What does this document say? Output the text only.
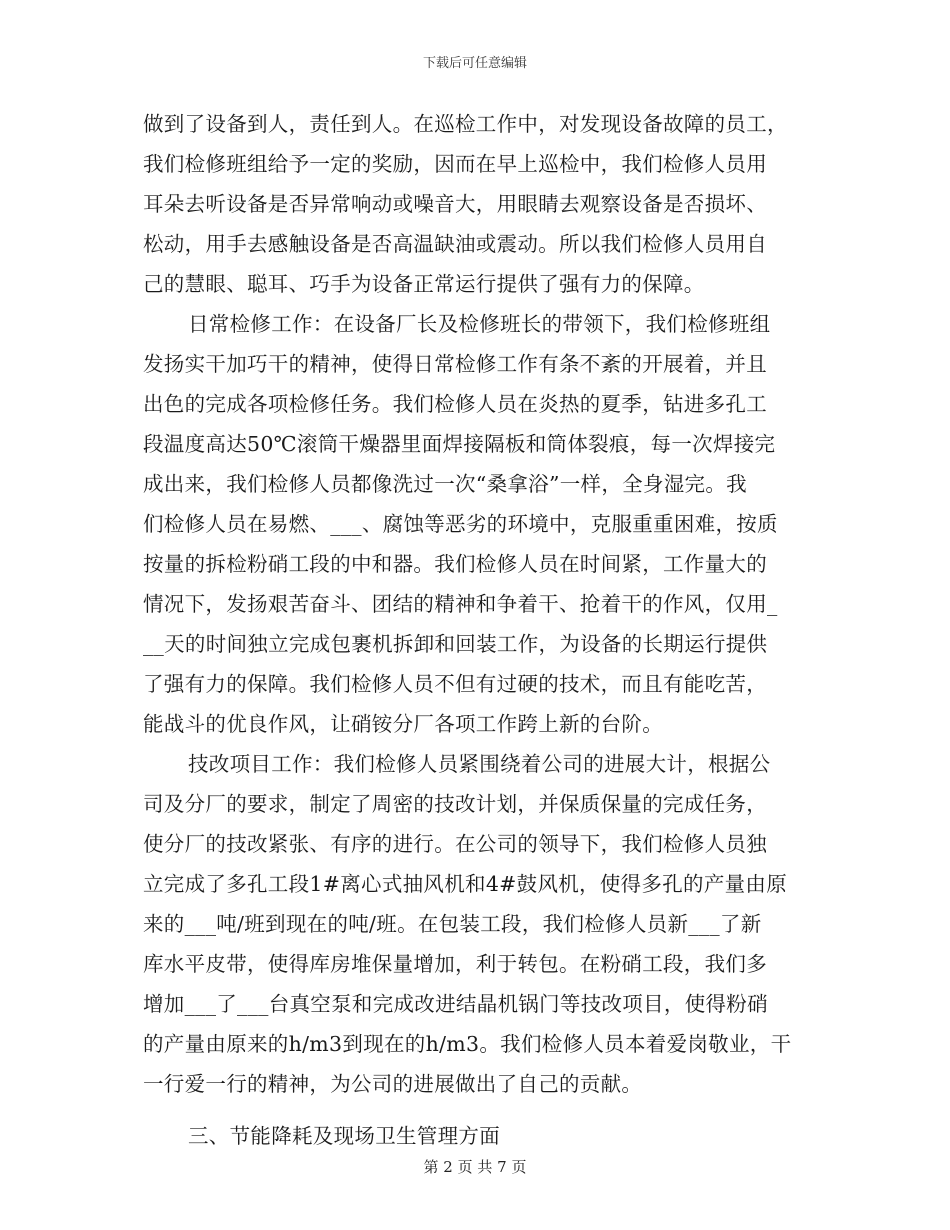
下载后可任意编辑
做到了设备到人，责任到人。在巡检工作中，对发现设备故障的员工，
我们检修班组给予一定的奖励，因而在早上巡检中，我们检修人员用
耳朵去听设备是否异常响动或噪音大，用眼睛去观察设备是否损坏、
松动，用手去感触设备是否高温缺油或震动。所以我们检修人员用自
己的慧眼、聪耳、巧手为设备正常运行提供了强有力的保障。
日常检修工作：在设备厂长及检修班长的带领下，我们检修班组
发扬实干加巧干的精神，使得日常检修工作有条不紊的开展着，并且
出色的完成各项检修任务。我们检修人员在炎热的夏季，钻进多孔工
段温度高达50℃滚筒干燥器里面焊接隔板和筒体裂痕，每一次焊接完
成出来，我们检修人员都像洗过一次“桑拿浴”一样，全身湿完。我
们检修人员在易燃、___、腐蚀等恶劣的环境中，克服重重困难，按质
按量的拆检粉硝工段的中和器。我们检修人员在时间紧，工作量大的
情况下，发扬艰苦奋斗、团结的精神和争着干、抢着干的作风，仅用_
__天的时间独立完成包裹机拆卸和回装工作，为设备的长期运行提供
了强有力的保障。我们检修人员不但有过硬的技术，而且有能吃苦，
能战斗的优良作风，让硝铵分厂各项工作跨上新的台阶。
技改项目工作：我们检修人员紧围绕着公司的进展大计，根据公
司及分厂的要求，制定了周密的技改计划，并保质保量的完成任务，
使分厂的技改紧张、有序的进行。在公司的领导下，我们检修人员独
立完成了多孔工段1#离心式抽风机和4#鼓风机，使得多孔的产量由原
来的___吨/班到现在的吨/班。在包装工段，我们检修人员新___了新
库水平皮带，使得库房堆保量增加，利于转包。在粉硝工段，我们多
增加___了___台真空泵和完成改进结晶机锅门等技改项目，使得粉硝
的产量由原来的h/m3到现在的h/m3。我们检修人员本着爱岗敬业，干
一行爱一行的精神，为公司的进展做出了自己的贡献。
三、节能降耗及现场卫生管理方面
第 2 页 共 7 页
